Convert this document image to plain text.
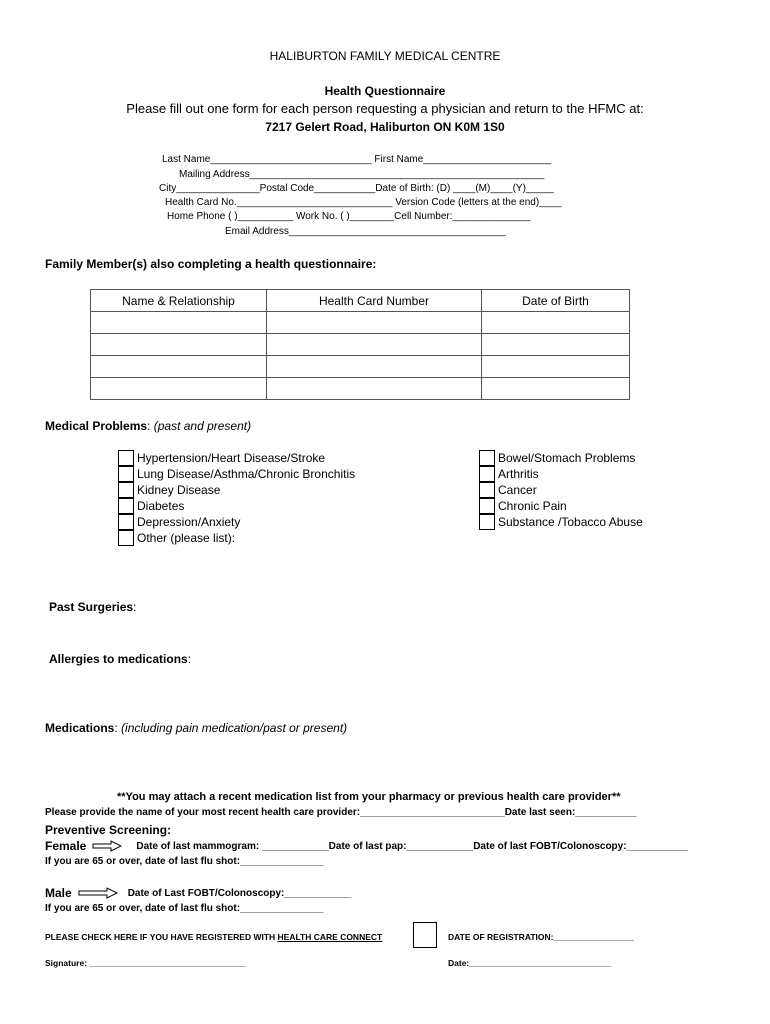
HALIBURTON FAMILY MEDICAL CENTRE
Health Questionnaire
Please fill out one form for each person requesting a physician and return to the HFMC at:
7217 Gelert Road, Haliburton ON K0M 1S0
Last Name_____________________________ First Name_______________________
Mailing Address_____________________________________________________
City_______________Postal Code___________Date of Birth: (D) ____(M)____(Y)_____
Health Card No.____________________________ Version Code (letters at the end)____
Home Phone ( )__________ Work No. ( )________Cell Number:______________
Email Address_______________________________________
Family Member(s) also completing a health questionnaire:
Name & Relationship	Health Card Number	Date of Birth

Medical Problems: (past and present)
Hypertension/Heart Disease/Stroke
Lung Disease/Asthma/Chronic Bronchitis
Kidney Disease
Diabetes
Depression/Anxiety
Other (please list):
Bowel/Stomach Problems
Arthritis
Cancer
Chronic Pain
Substance /Tobacco Abuse
Past Surgeries:
Allergies to medications:
Medications: (including pain medication/past or present)
**You may attach a recent medication list from your pharmacy or previous health care provider**
Please provide the name of your most recent health care provider:__________________________Date last seen:___________
Preventive Screening:
Female	Date of last mammogram: ____________Date of last pap:____________Date of last FOBT/Colonoscopy:___________
If you are 65 or over, date of last flu shot:_______________
Male	Date of Last FOBT/Colonoscopy:____________
If you are 65 or over, date of last flu shot:_______________
PLEASE CHECK HERE IF YOU HAVE REGISTERED WITH HEALTH CARE CONNECT	DATE OF REGISTRATION:_________________
Signature: _________________________________	Date:______________________________
